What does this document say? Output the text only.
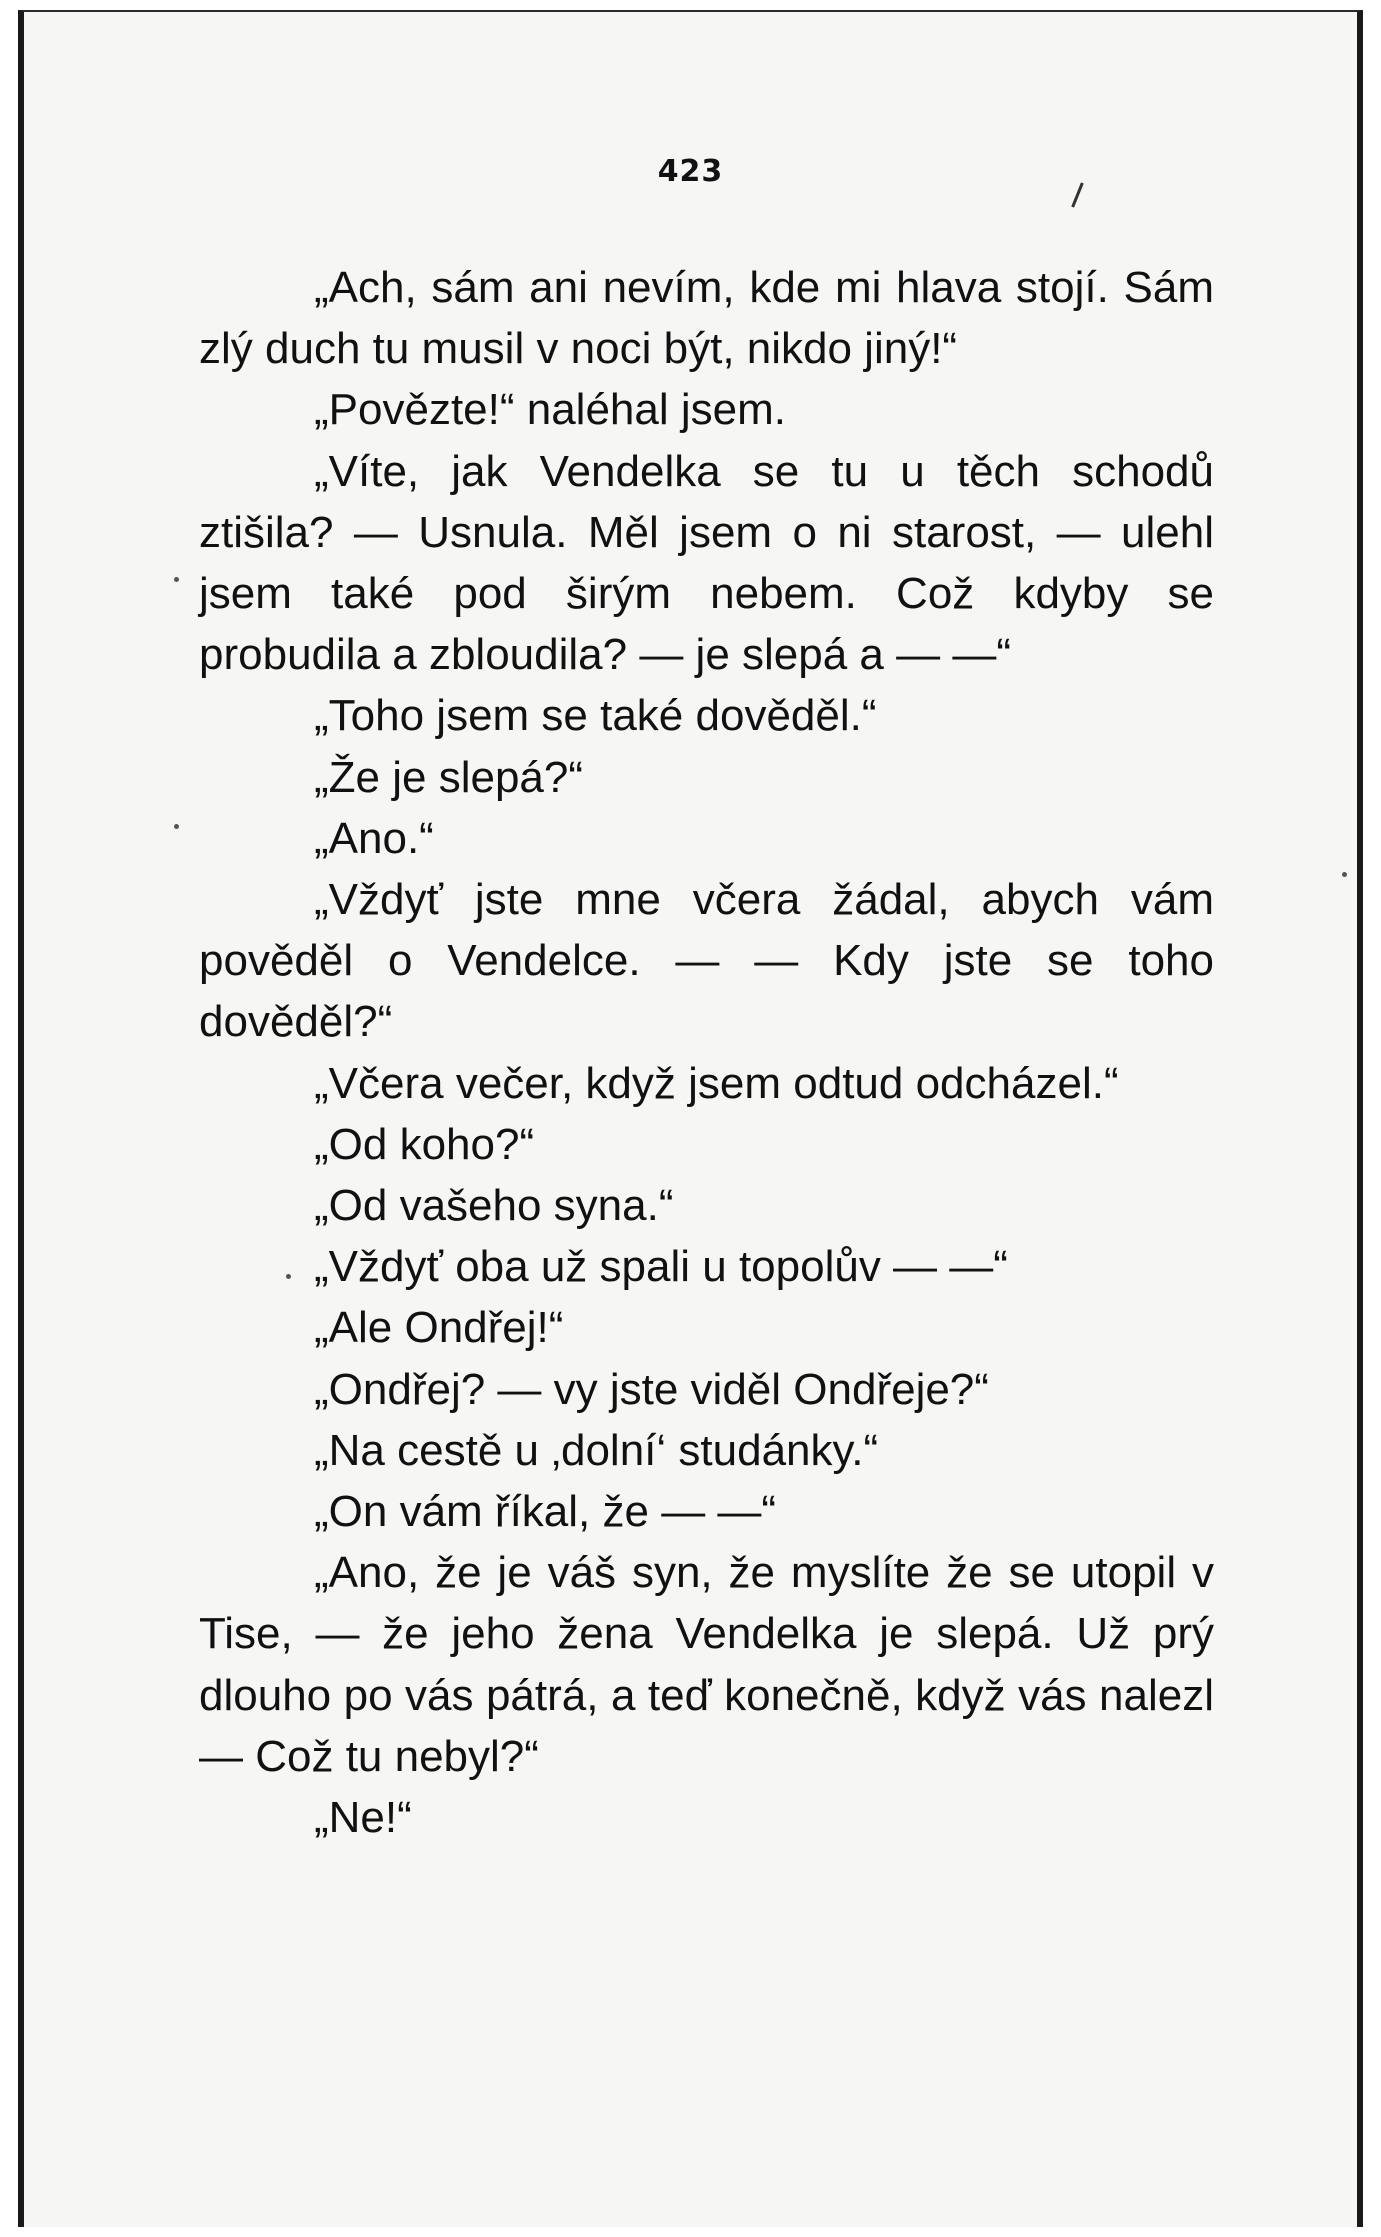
423

„Ach, sám ani nevím, kde mi hlava stojí. Sám zlý duch tu musil v noci být, nikdo jiný!“

„Povězte!“ naléhal jsem.

„Víte, jak Vendelka se tu u těch schodů ztišila? — Usnula. Měl jsem o ni starost, — ulehl jsem také pod širým nebem. Což kdyby se probudila a zbloudila? — je slepá a — —“

„Toho jsem se také dověděl.“

„Že je slepá?“

„Ano.“

„Vždyť jste mne včera žádal, abych vám pověděl o Vendelce. — — Kdy jste se toho dověděl?“

„Včera večer, když jsem odtud odcházel.“

„Od koho?“

„Od vašeho syna.“

„Vždyť oba už spali u topolův — —“

„Ale Ondřej!“

„Ondřej? — vy jste viděl Ondřeje?“

„Na cestě u ‚dolní‘ studánky.“

„On vám říkal, že — —“

„Ano, že je váš syn, že myslíte že se utopil v Tise, — že jeho žena Vendelka je slepá. Už prý dlouho po vás pátrá, a teď konečně, když vás nalezl — Což tu nebyl?“

„Ne!“
